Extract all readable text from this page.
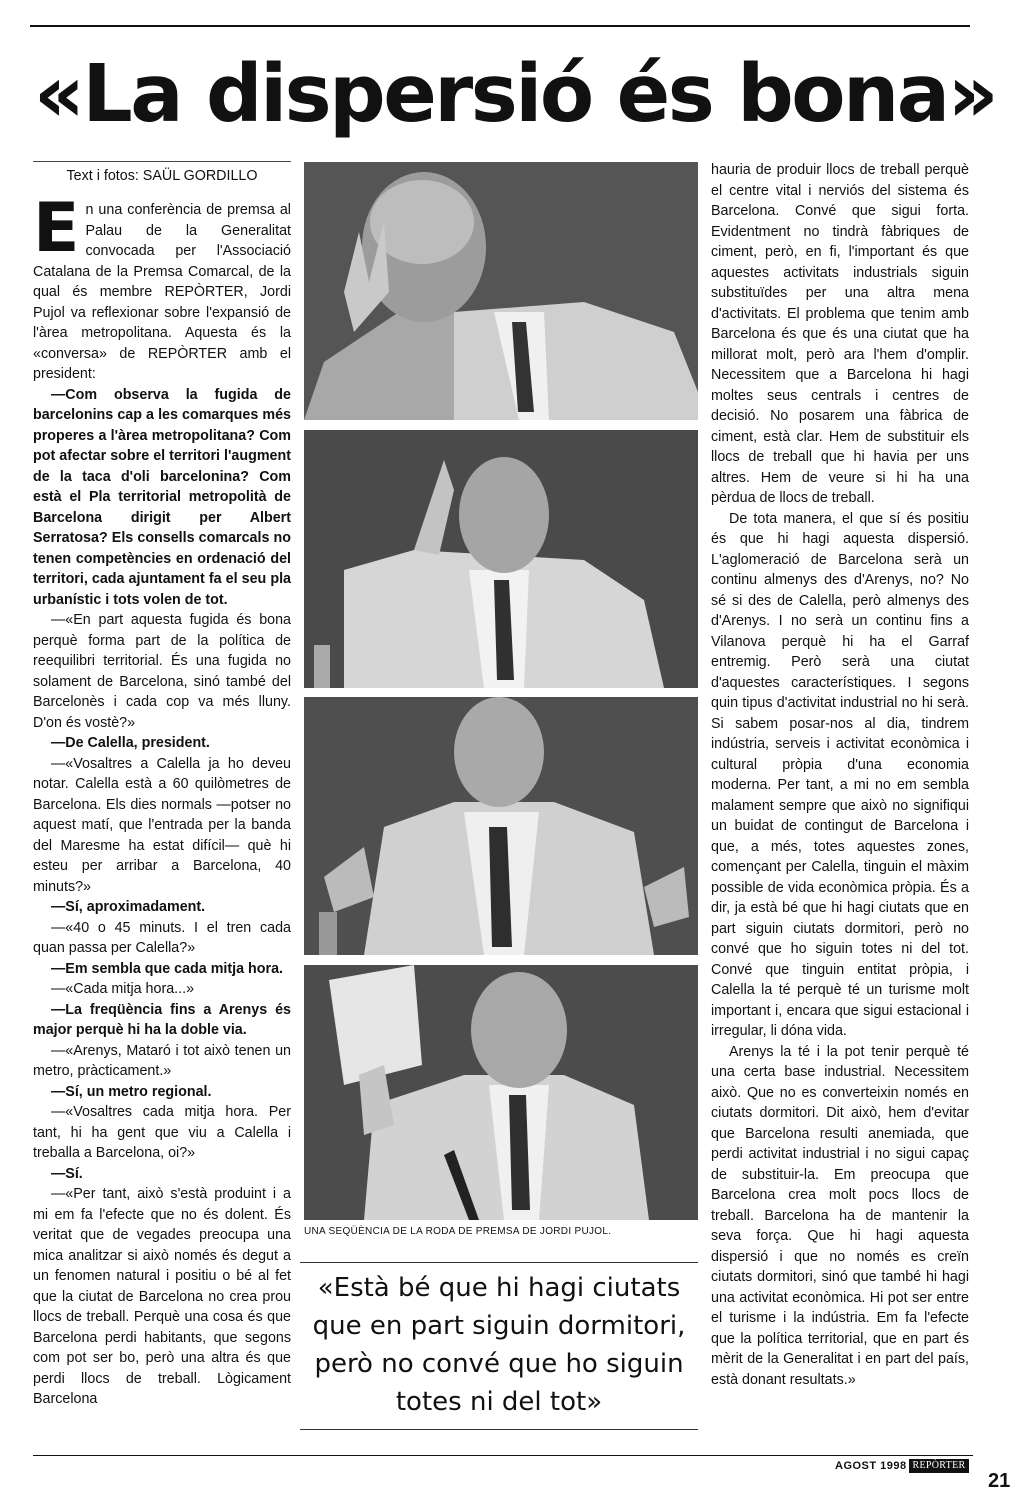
«La dispersió és bona»
Text i fotos: SAÜL GORDILLO

En una conferència de premsa al Palau de la Generalitat convocada per l'Associació Catalana de la Premsa Comarcal, de la qual és membre REPÒRTER, Jordi Pujol va reflexionar sobre l'expansió de l'àrea metropolitana. Aquesta és la «conversa» de REPÒRTER amb el president:

—Com observa la fugida de barcelonins cap a les comarques més properes a l'àrea metropolitana? Com pot afectar sobre el territori l'augment de la taca d'oli barcelonina? Com està el Pla territorial metropolità de Barcelona dirigit per Albert Serratosa? Els consells comarcals no tenen competències en ordenació del territori, cada ajuntament fa el seu pla urbanístic i tots volen de tot.

—«En part aquesta fugida és bona perquè forma part de la política de reequilibri territorial. És una fugida no solament de Barcelona, sinó també del Barcelonès i cada cop va més lluny. D'on és vostè?»

—De Calella, president.

—«Vosaltres a Calella ja ho deveu notar. Calella està a 60 quilòmetres de Barcelona. Els dies normals —potser no aquest matí, que l'entrada per la banda del Maresme ha estat difícil— què hi esteu per arribar a Barcelona, 40 minuts?»

—Sí, aproximadament.

—«40 o 45 minuts. I el tren cada quan passa per Calella?»

—Em sembla que cada mitja hora.

—«Cada mitja hora...»

—La freqüència fins a Arenys és major perquè hi ha la doble via.

—«Arenys, Mataró i tot això tenen un metro, pràcticament.»

—Sí, un metro regional.

—«Vosaltres cada mitja hora. Per tant, hi ha gent que viu a Calella i treballa a Barcelona, oi?»

—Sí.

—«Per tant, això s'està produint i a mi em fa l'efecte que no és dolent. És veritat que de vegades preocupa una mica analitzar si això només és degut a un fenomen natural i positiu o bé al fet que la ciutat de Barcelona no crea prou llocs de treball. Perquè una cosa és que Barcelona perdi habitants, que segons com pot ser bo, però una altra és que perdi llocs de treball. Lògicament Barcelona

UNA SEQÜÈNCIA DE LA RODA DE PREMSA DE JORDI PUJOL.
«Està bé que hi hagi ciutats que en part siguin dormitori, però no convé que ho siguin totes ni del tot»

hauria de produir llocs de treball perquè el centre vital i nerviós del sistema és Barcelona. Convé que sigui forta. Evidentment no tindrà fàbriques de ciment, però, en fi, l'important és que aquestes activitats industrials siguin substituïdes per una altra mena d'activitats. El problema que tenim amb Barcelona és que és una ciutat que ha millorat molt, però ara l'hem d'omplir. Necessitem que a Barcelona hi hagi moltes seus centrals i centres de decisió. No posarem una fàbrica de ciment, està clar. Hem de substituir els llocs de treball que hi havia per uns altres. Hem de veure si hi ha una pèrdua de llocs de treball.

De tota manera, el que sí és positiu és que hi hagi aquesta dispersió. L'aglomeració de Barcelona serà un continu almenys des d'Arenys, no? No sé si des de Calella, però almenys des d'Arenys. I no serà un continu fins a Vilanova perquè hi ha el Garraf entremig. Però serà una ciutat d'aquestes característiques. I segons quin tipus d'activitat industrial no hi serà. Si sabem posar-nos al dia, tindrem indústria, serveis i activitat econòmica i cultural pròpia d'una economia moderna. Per tant, a mi no em sembla malament sempre que això no signifiqui un buidat de contingut de Barcelona i que, a més, totes aquestes zones, començant per Calella, tinguin el màxim possible de vida econòmica pròpia. És a dir, ja està bé que hi hagi ciutats que en part siguin ciutats dormitori, però no convé que ho siguin totes ni del tot. Convé que tinguin entitat pròpia, i Calella la té perquè té un turisme molt important i, encara que sigui estacional i irregular, li dóna vida.

Arenys la té i la pot tenir perquè té una certa base industrial. Necessitem això. Que no es converteixin només en ciutats dormitori. Dit això, hem d'evitar que Barcelona resulti anemiada, que perdi activitat industrial i no sigui capaç de substituir-la. Em preocupa que Barcelona crea molt pocs llocs de treball. Barcelona ha de mantenir la seva força. Que hi hagi aquesta dispersió i que no només es creïn ciutats dormitori, sinó que també hi hagi una activitat econòmica. Hi pot ser entre el turisme i la indústria. Em fa l'efecte que la política territorial, que en part és mèrit de la Generalitat i en part del país, està donant resultats.»

AGOST 1998 REPÒRTER
21
